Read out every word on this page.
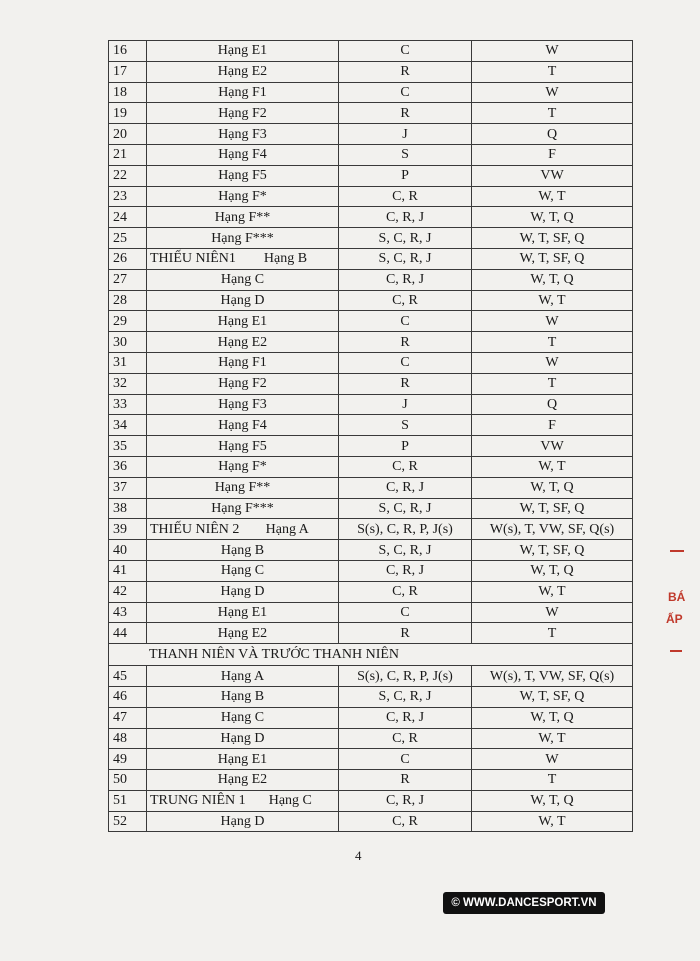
16	Hạng E1	C	W
17	Hạng E2	R	T
18	Hạng F1	C	W
19	Hạng F2	R	T
20	Hạng F3	J	Q
21	Hạng F4	S	F
22	Hạng F5	P	VW
23	Hạng F*	C, R	W, T
24	Hạng F**	C, R, J	W, T, Q
25	Hạng F***	S, C, R, J	W, T, SF, Q
26	THIẾU NIÊN1 Hạng B	S, C, R, J	W, T, SF, Q
27	Hạng C	C, R, J	W, T, Q
28	Hạng D	C, R	W, T
29	Hạng E1	C	W
30	Hạng E2	R	T
31	Hạng F1	C	W
32	Hạng F2	R	T
33	Hạng F3	J	Q
34	Hạng F4	S	F
35	Hạng F5	P	VW
36	Hạng F*	C, R	W, T
37	Hạng F**	C, R, J	W, T, Q
38	Hạng F***	S, C, R, J	W, T, SF, Q
39	THIẾU NIÊN 2 Hạng A	S(s), C, R, P, J(s)	W(s), T, VW, SF, Q(s)
40	Hạng B	S, C, R, J	W, T, SF, Q
41	Hạng C	C, R, J	W, T, Q
42	Hạng D	C, R	W, T
43	Hạng E1	C	W
44	Hạng E2	R	T
THANH NIÊN VÀ TRƯỚC THANH NIÊN			
45	Hạng A	S(s), C, R, P, J(s)	W(s), T, VW, SF, Q(s)
46	Hạng B	S, C, R, J	W, T, SF, Q
47	Hạng C	C, R, J	W, T, Q
48	Hạng D	C, R	W, T
49	Hạng E1	C	W
50	Hạng E2	R	T
51	TRUNG NIÊN 1 Hạng C	C, R, J	W, T, Q
52	Hạng D	C, R	W, T
4
© WWW.DANCESPORT.VN
BÁ
ẤP
